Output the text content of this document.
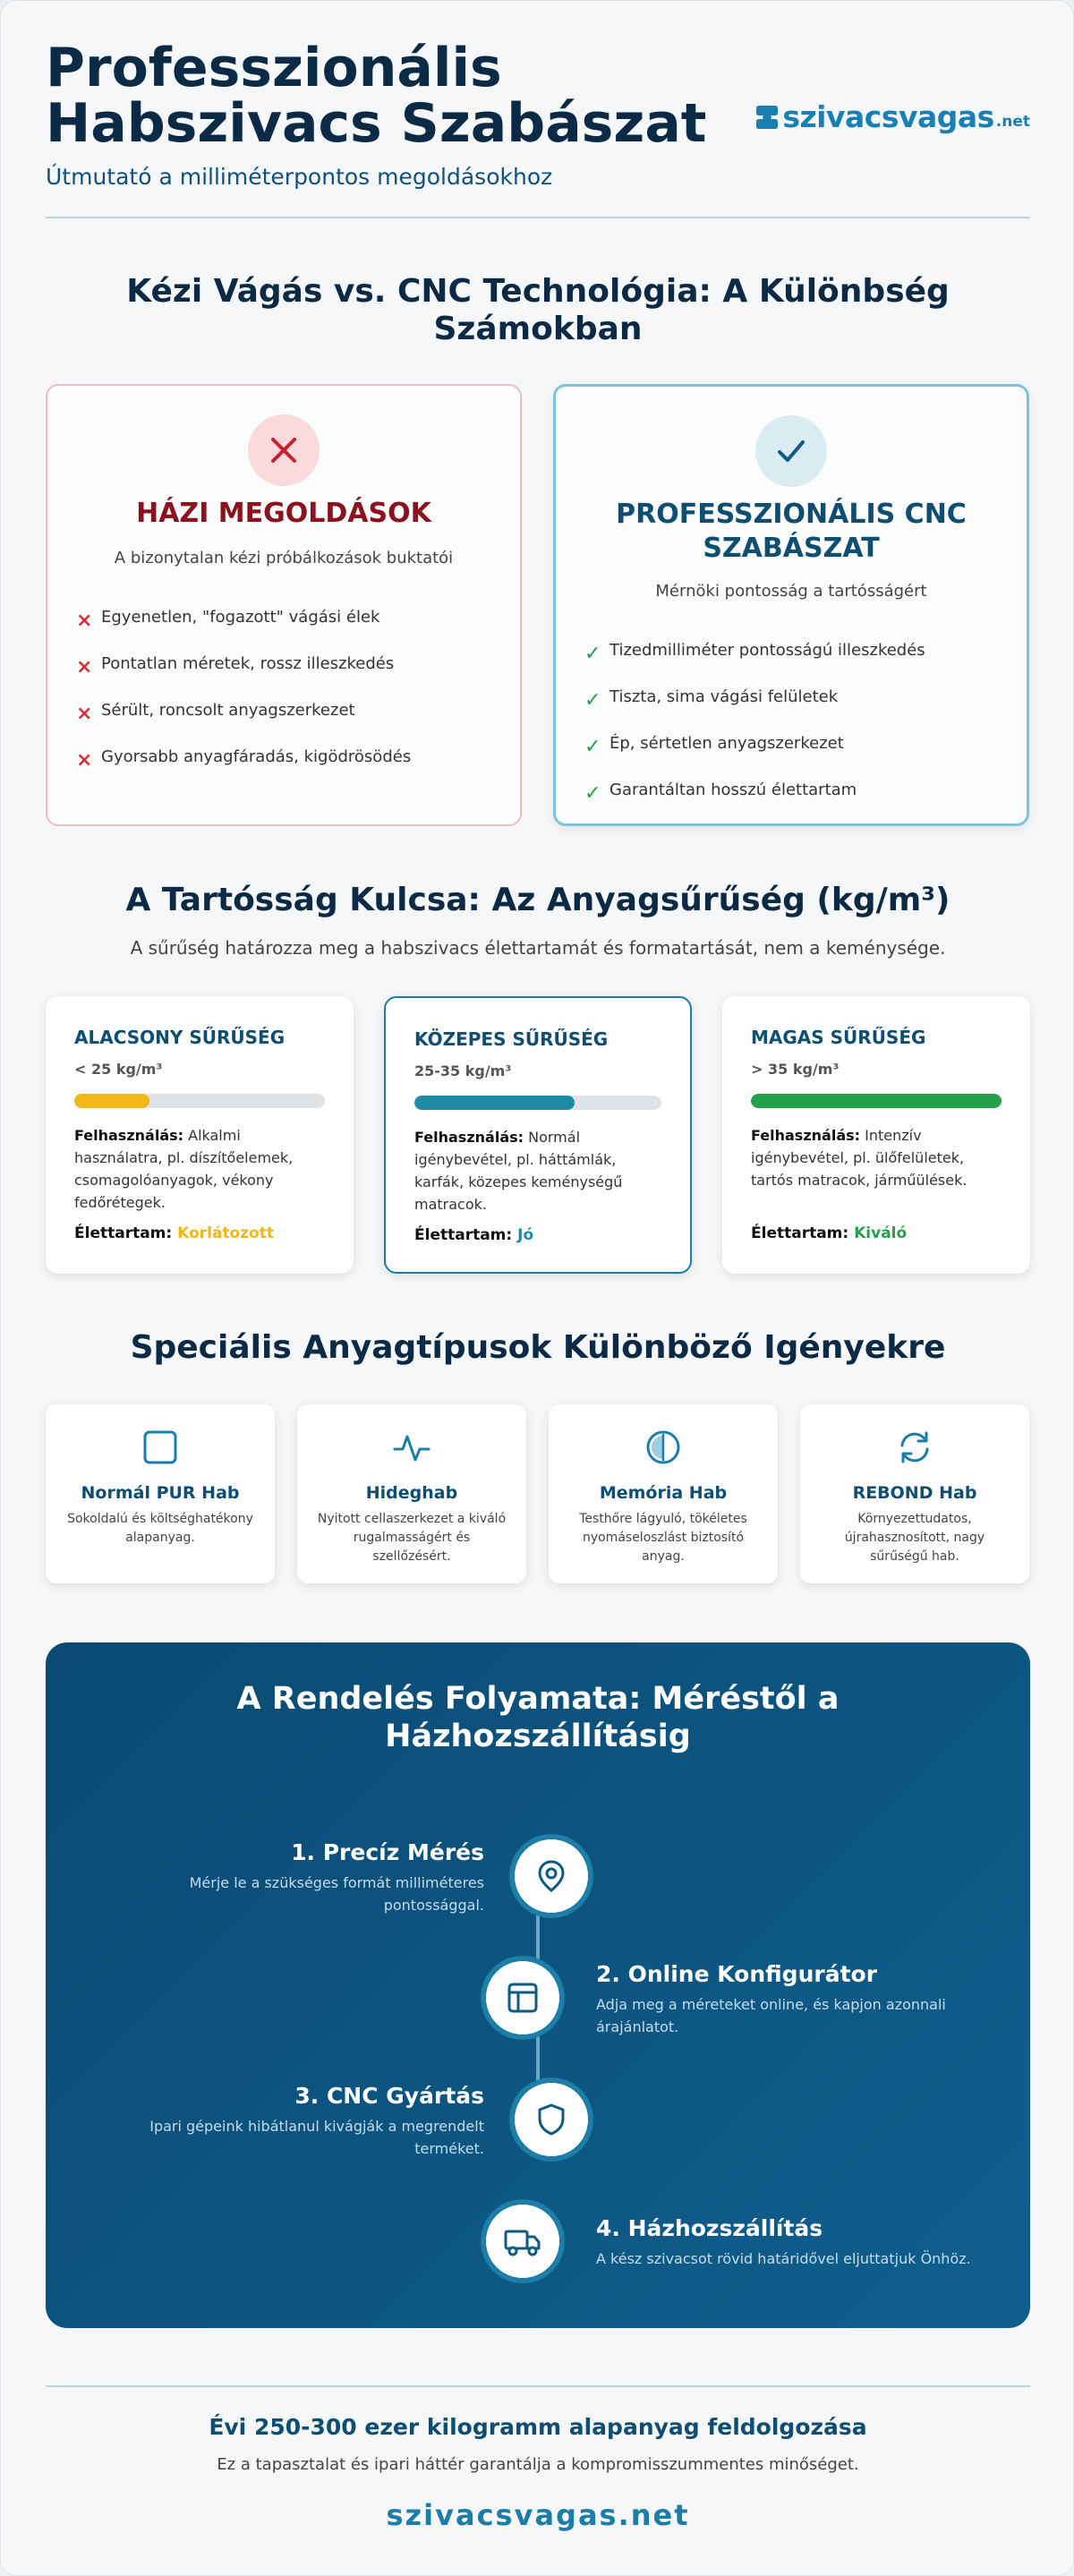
Professzionális
Habszivacs Szabászat
Útmutató a milliméterpontos megoldásokhoz
szivacsvagas .net
Kézi Vágás vs. CNC Technológia: A Különbség Számokban
HÁZI MEGOLDÁSOK
A bizonytalan kézi próbálkozások buktatói
× Egyenetlen, "fogazott" vágási élek
× Pontatlan méretek, rossz illeszkedés
× Sérült, roncsolt anyagszerkezet
× Gyorsabb anyagfáradás, kigödrösödés
PROFESSZIONÁLIS CNC SZABÁSZAT
Mérnöki pontosság a tartósságért
✓ Tizedmilliméter pontosságú illeszkedés
✓ Tiszta, sima vágási felületek
✓ Ép, sértetlen anyagszerkezet
✓ Garantáltan hosszú élettartam
A Tartósság Kulcsa: Az Anyagsűrűség (kg/m³)
A sűrűség határozza meg a habszivacs élettartamát és formatartását, nem a keménysége.
ALACSONY SŰRŰSÉG
< 25 kg/m³
Felhasználás: Alkalmi használatra, pl. díszítőelemek, csomagolóanyagok, vékony fedőrétegek.
Élettartam: Korlátozott
KÖZEPES SŰRŰSÉG
25-35 kg/m³
Felhasználás: Normál igénybevétel, pl. háttámlák, karfák, közepes keménységű matracok.
Élettartam: Jó
MAGAS SŰRŰSÉG
> 35 kg/m³
Felhasználás: Intenzív igénybevétel, pl. ülőfelületek, tartós matracok, járműülések.
Élettartam: Kiváló
Speciális Anyagtípusok Különböző Igényekre
Normál PUR Hab
Sokoldalú és költséghatékony alapanyag.
Hideghab
Nyitott cellaszerkezet a kiváló rugalmasságért és szellőzésért.
Memória Hab
Testhőre lágyuló, tökéletes nyomáseloszlást biztosító anyag.
REBOND Hab
Környezettudatos, újrahasznosított, nagy sűrűségű hab.
A Rendelés Folyamata: Méréstől a Házhozszállításig
1. Precíz Mérés
Mérje le a szükséges formát milliméteres pontossággal.
2. Online Konfigurátor
Adja meg a méreteket online, és kapjon azonnali árajánlatot.
3. CNC Gyártás
Ipari gépeink hibátlanul kivágják a megrendelt terméket.
4. Házhozszállítás
A kész szivacsot rövid határidővel eljuttatjuk Önhöz.
Évi 250-300 ezer kilogramm alapanyag feldolgozása
Ez a tapasztalat és ipari háttér garantálja a kompromisszummentes minőséget.
szivacsvagas.net
